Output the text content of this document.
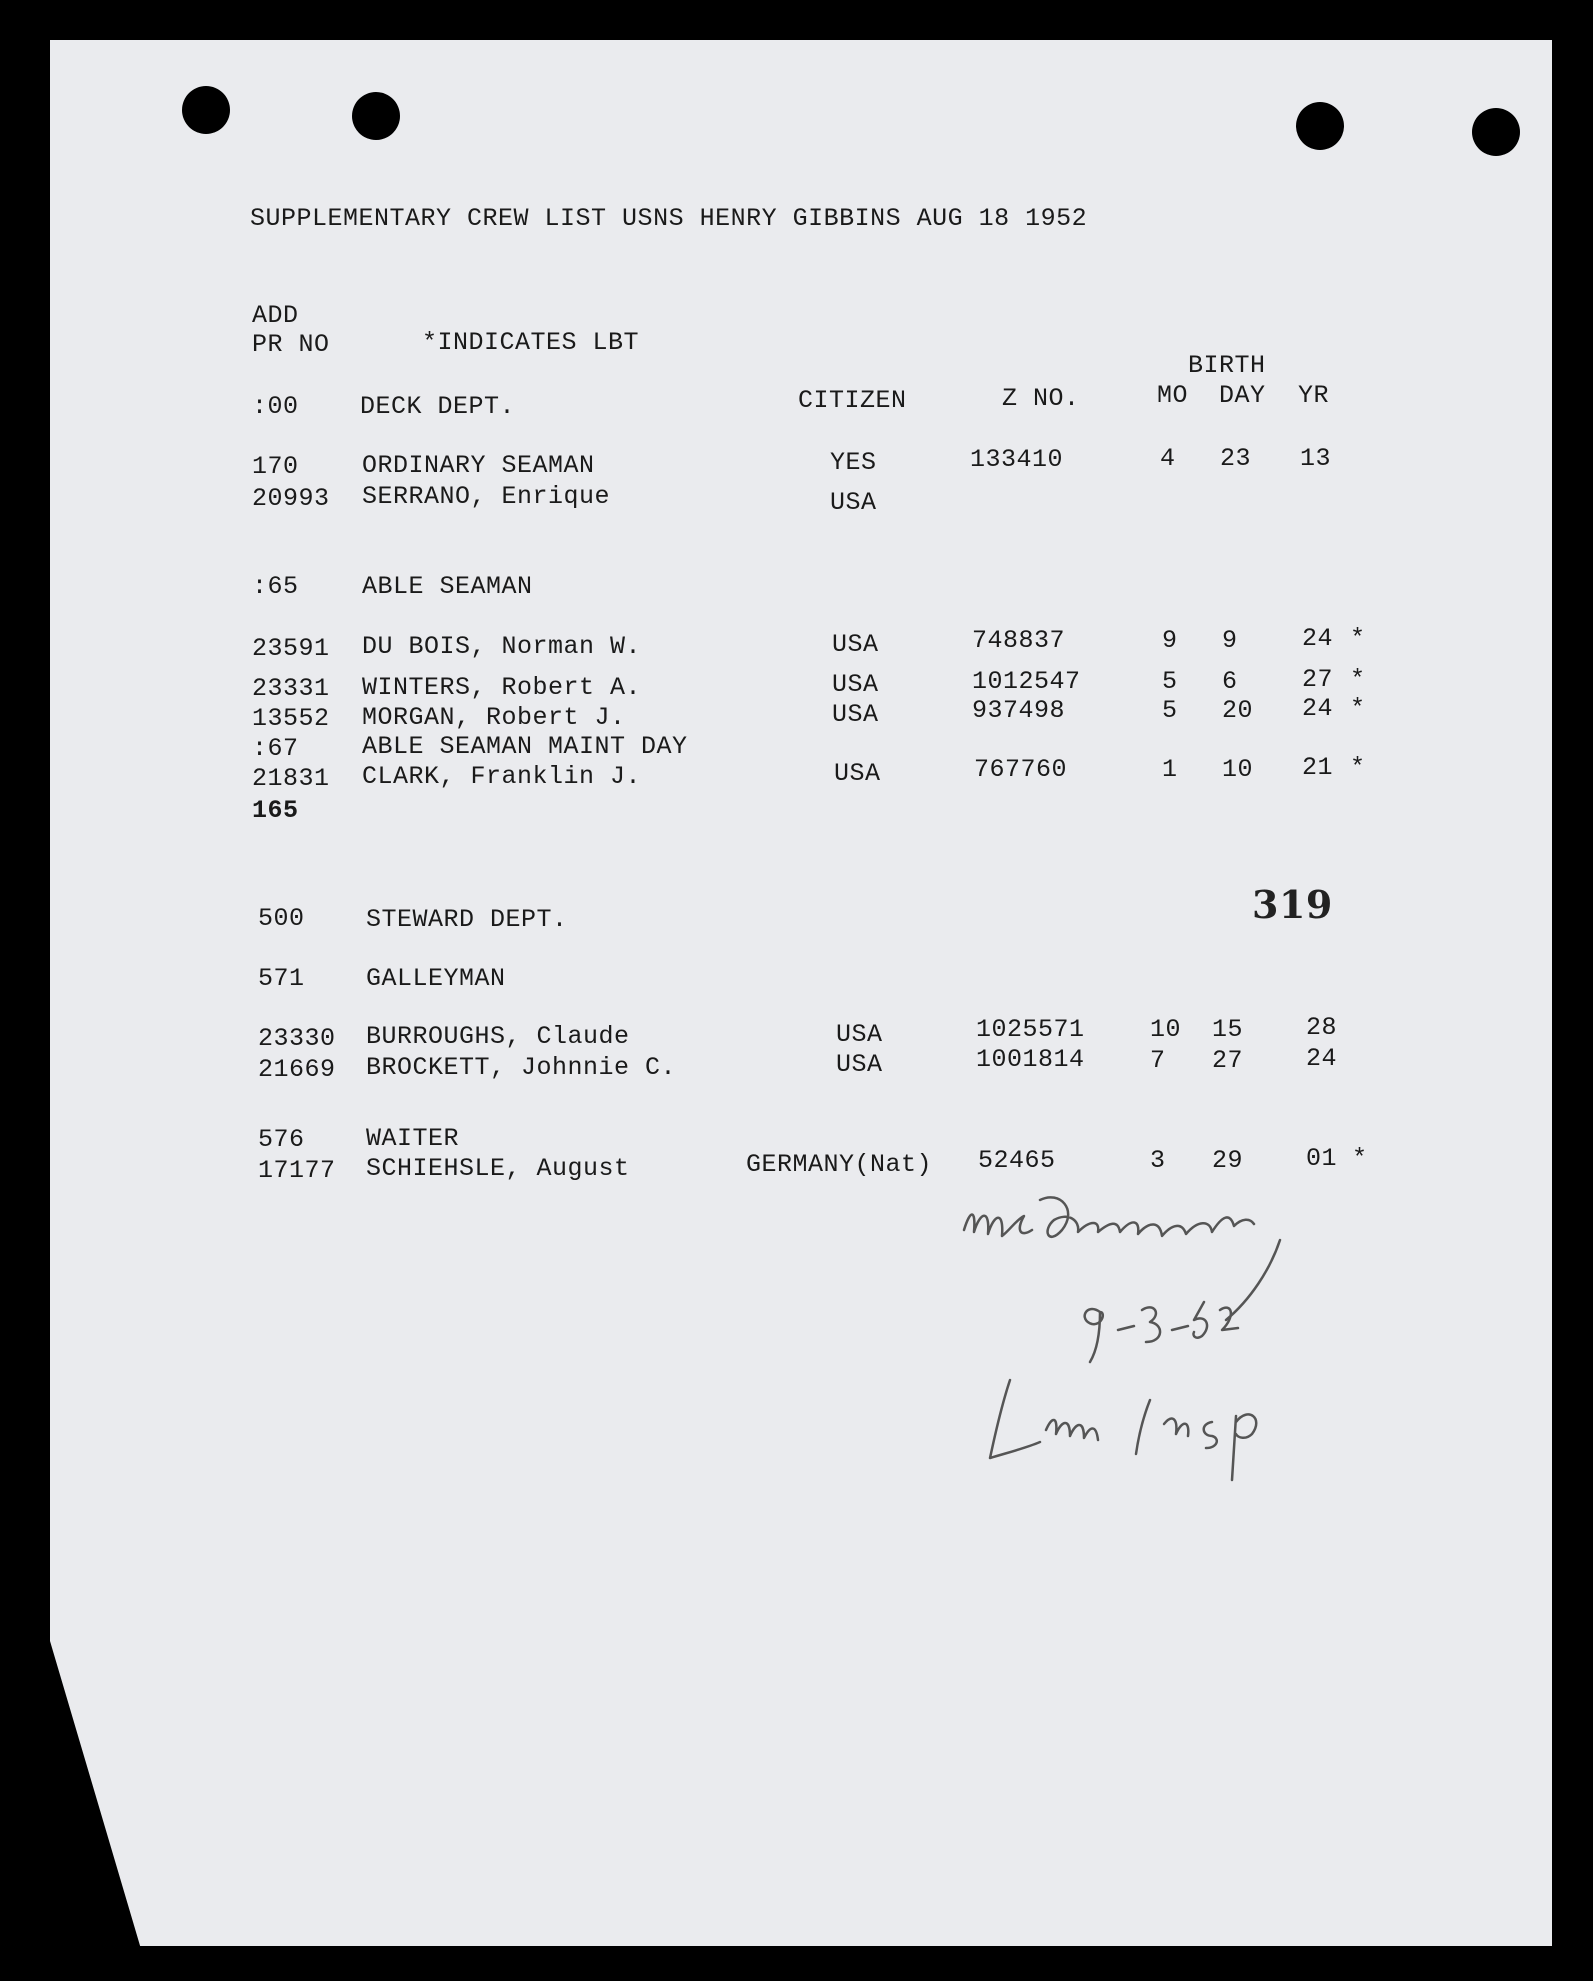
SUPPLEMENTARY CREW LIST USNS HENRY GIBBINS AUG 18 1952
ADD
PR NO	*INDICATES LBT
BIRTH
:00 DECK DEPT.	CITIZEN	Z NO.	MO DAY YR
170	ORDINARY SEAMAN	YES	133410	4 23 13
20993 SERRANO, Enrique	USA
:65	ABLE SEAMAN
23591 DU BOIS, Norman W.	USA	748837	9 9	24 *
23331 WINTERS, Robert A.	USA	1012547	5 6	27 *
13552 MORGAN, Robert J.	USA	937498	5 20 24 *
:67	ABLE SEAMAN MAINT DAY
21831 CLARK, Franklin J.	USA	767760	1 10 21 *
165
319
500 STEWARD DEPT.
571 GALLEYMAN
23330 BURROUGHS, Claude	USA	1025571	10 15	28
21669 BROCKETT, Johnnie C.	USA	1001814	7 27	24
576 WAITER
17177 SCHIEHSLE, August	GERMANY(Nat) 52465	3 29	01 *
